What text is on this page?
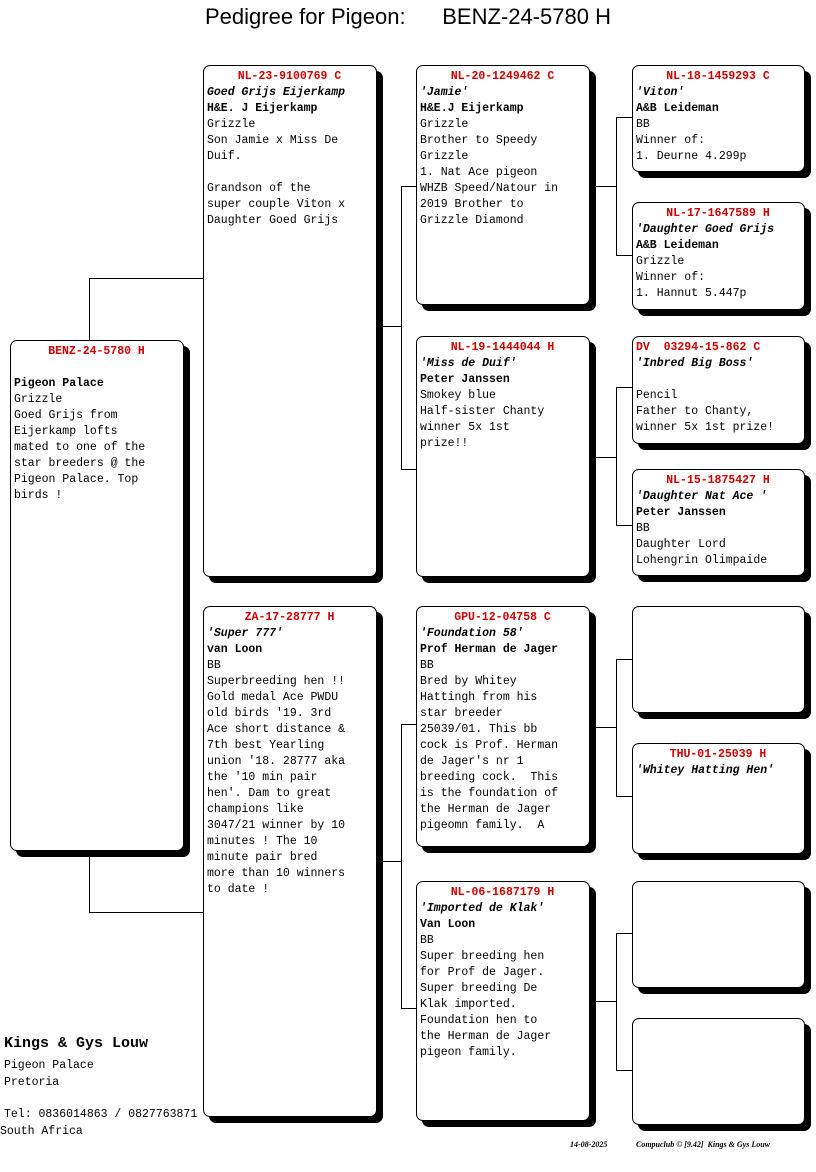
Pedigree for Pigeon:      BENZ-24-5780 H
BENZ-24-5780 H
Pigeon Palace
Grizzle
Goed Grijs from
Eijerkamp lofts
mated to one of the
star breeders @ the
Pigeon Palace. Top
birds !
NL-23-9100769 C
Goed Grijs Eijerkamp
H&E. J Eijerkamp
Grizzle
Son Jamie x Miss De
Duif.
Grandson of the
super couple Viton x
Daughter Goed Grijs
ZA-17-28777 H
'Super 777'
van Loon
BB
Superbreeding hen !!
Gold medal Ace PWDU
old birds '19. 3rd
Ace short distance &
7th best Yearling
union '18. 28777 aka
the '10 min pair
hen'. Dam to great
champions like
3047/21 winner by 10
minutes ! The 10
minute pair bred
more than 10 winners
to date !
NL-20-1249462 C
'Jamie'
H&E.J Eijerkamp
Grizzle
Brother to Speedy
Grizzle
1. Nat Ace pigeon
WHZB Speed/Natour in
2019 Brother to
Grizzle Diamond
NL-19-1444044 H
'Miss de Duif'
Peter Janssen
Smokey blue
Half-sister Chanty
winner 5x 1st
prize!!
GPU-12-04758 C
'Foundation 58'
Prof Herman de Jager
BB
Bred by Whitey
Hattingh from his
star breeder
25039/01. This bb
cock is Prof. Herman
de Jager's nr 1
breeding cock.  This
is the foundation of
the Herman de Jager
pigeomn family.  A
NL-06-1687179 H
'Imported de Klak'
Van Loon
BB
Super breeding hen
for Prof de Jager.
Super breeding De
Klak imported.
Foundation hen to
the Herman de Jager
pigeon family.
NL-18-1459293 C
'Viton'
A&B Leideman
BB
Winner of:
1. Deurne 4.299p
NL-17-1647589 H
'Daughter Goed Grijs
A&B Leideman
Grizzle
Winner of:
1. Hannut 5.447p
DV  03294-15-862 C
'Inbred Big Boss'
Pencil
Father to Chanty,
winner 5x 1st prize!
NL-15-1875427 H
'Daughter Nat Ace '
Peter Janssen
BB
Daughter Lord
Lohengrin Olimpaide
THU-01-25039 H
'Whitey Hatting Hen'
Kings & Gys Louw
Pigeon Palace
Pretoria
Tel: 0836014863 / 0827763871
South Africa
14-08-2025	Compuclub © [9.42]  Kings & Gys Louw
